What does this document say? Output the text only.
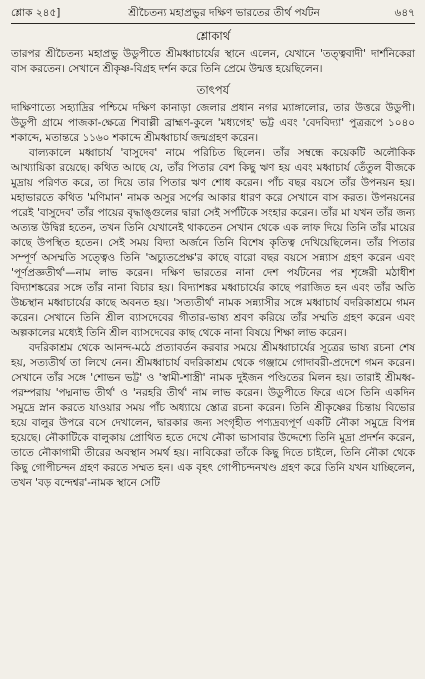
শ্লোক ২৪৫]	শ্রীচৈতন্য মহাপ্রভুর দক্ষিণ ভারতের তীর্থ পর্যটন	৬৪৭
শ্লোকার্থ

তারপর শ্রীচৈতন্য মহাপ্রভু উডুপীতে শ্রীমধ্বাচার্যের স্থানে এলেন, যেখানে 'তত্ত্ববাদী' দার্শনিকেরা বাস করতেন। সেখানে শ্রীকৃষ্ণ-বিগ্রহ দর্শন করে তিনি প্রেমে উন্মত্ত হয়েছিলেন।

তাৎপর্য

দাক্ষিণাত্যে সহ্যাদ্রির পশ্চিমে দক্ষিণ কানাড়া জেলার প্রধান নগর ম্যাঙ্গালোর, তার উত্তরে উডুপী। উডুপী গ্রামে পাজকা-ক্ষেত্রে শিবাল্লী ব্রাহ্মণ-কুলে 'মধ্যগেহ' ভট্ট এবং 'বেদবিদ্যা' পুত্ররূপে ১০৪০ শকাব্দে, মতান্তরে ১১৬০ শকাব্দে শ্রীমধ্বাচার্য জন্মগ্রহণ করেন।

বাল্যকালে মধ্বাচার্য 'বাসুদেব' নামে পরিচিত ছিলেন। তাঁর সম্বন্ধে কয়েকটি অলৌকিক আখ্যায়িকা রয়েছে। কথিত আছে যে, তাঁর পিতার বেশ কিছু ঋণ হয় এবং মধ্বাচার্য তেঁতুল বীজকে মুদ্রায় পরিণত করে, তা দিয়ে তার পিতার ঋণ শোধ করেন। পাঁচ বছর বয়সে তাঁর উপনয়ন হয়। মহাভারতে কথিত 'মণিমান' নামক অসুর সর্পের আকার ধারণ করে সেখানে বাস করত। উপনয়নের পরেই 'বাসুদেব' তাঁর পায়ের বৃদ্ধাঙ্গুলের দ্বারা সেই সর্পটিকে সংহার করেন। তাঁর মা যখন তাঁর জন্য অত্যন্ত উদ্বিগ্ন হতেন, তখন তিনি যেখানেই থাকতেন সেখান থেকে এক লাফ দিয়ে তিনি তাঁর মায়ের কাছে উপস্থিত হতেন। সেই সময় বিদ্যা অর্জনে তিনি বিশেষ কৃতিত্ব দেখিয়েছিলেন। তাঁর পিতার সম্পূর্ণ অসম্মতি সত্ত্বেও তিনি 'অচ্যুতপ্রেক্ষ'র কাছে বারো বছর বয়সে সন্ন্যাস গ্রহণ করেন এবং 'পূর্ণপ্রজ্ঞতীর্থ'—নাম লাভ করেন। দক্ষিণ ভারতের নানা দেশ পর্যটনের পর শৃঙ্গেরী মঠাধীশ বিদ্যাশঙ্করের সঙ্গে তাঁর নানা বিচার হয়। বিদ্যাশঙ্কর মধ্বাচার্যের কাছে পরাজিত হন এবং তাঁর অতি উচ্চস্থান মধ্বাচার্যের কাছে অবনত হয়। 'সত্যতীর্থ' নামক সন্ন্যাসীর সঙ্গে মধ্বাচার্য বদরিকাশ্রমে গমন করেন। সেখানে তিনি শ্রীল ব্যাসদেবের গীতার-ভাষ্য শ্রবণ করিয়ে তাঁর সম্মতি গ্রহণ করেন এবং অল্পকালের মধ্যেই তিনি শ্রীল ব্যাসদেবের কাছ থেকে নানা বিষয়ে শিক্ষা লাভ করেন।

বদরিকাশ্রম থেকে আনন্দ-মঠে প্রত্যাবর্তন করবার সময়ে শ্রীমধ্বাচার্যের সূত্রের ভাষ্য রচনা শেষ হয়, সত্যতীর্থ তা লিখে নেন। শ্রীমধ্বাচার্য বদরিকাশ্রম থেকে গঞ্জামে গোদাবরী-প্রদেশে গমন করেন। সেখানে তাঁর সঙ্গে 'শোভন ভট্ট' ও 'স্বামী-শাস্ত্রী' নামক দুইজন পণ্ডিতের মিলন হয়। তারাই শ্রীমধ্ব-পরম্পরায় 'পদ্মনাভ তীর্থ' ও 'নরহরি তীর্থ' নাম লাভ করেন। উডুপীতে ফিরে এসে তিনি একদিন সমুদ্রে স্নান করতে যাওয়ার সময় পাঁচ অধ্যায়ে স্তোত্র রচনা করেন। তিনি শ্রীকৃষ্ণের চিন্তায় বিভোর হয়ে বালুর উপরে বসে দেখালেন, দ্বারকার জন্য সংগৃহীত পণ্যদ্রব্যপূর্ণ একটি নৌকা সমুদ্রে বিপন্ন হয়েছে। নৌকাটিকে বালুকায় প্রোথিত হতে দেখে নৌকা ভাসাবার উদ্দেশ্যে তিনি মুদ্রা প্রদর্শন করেন, তাতে নৌকাগামী তীরের অবস্থান সমর্থ হয়। নাবিকেরা তাঁকে কিছু দিতে চাইলে, তিনি নৌকা থেকে কিছু গোপীচন্দন গ্রহণ করতে সম্মত হন। এক বৃহৎ গোপীচন্দনখণ্ড গ্রহণ করে তিনি যখন যাচ্ছিলেন, তখন 'বড় বন্দেশ্বর'-নামক স্থানে সেটি
